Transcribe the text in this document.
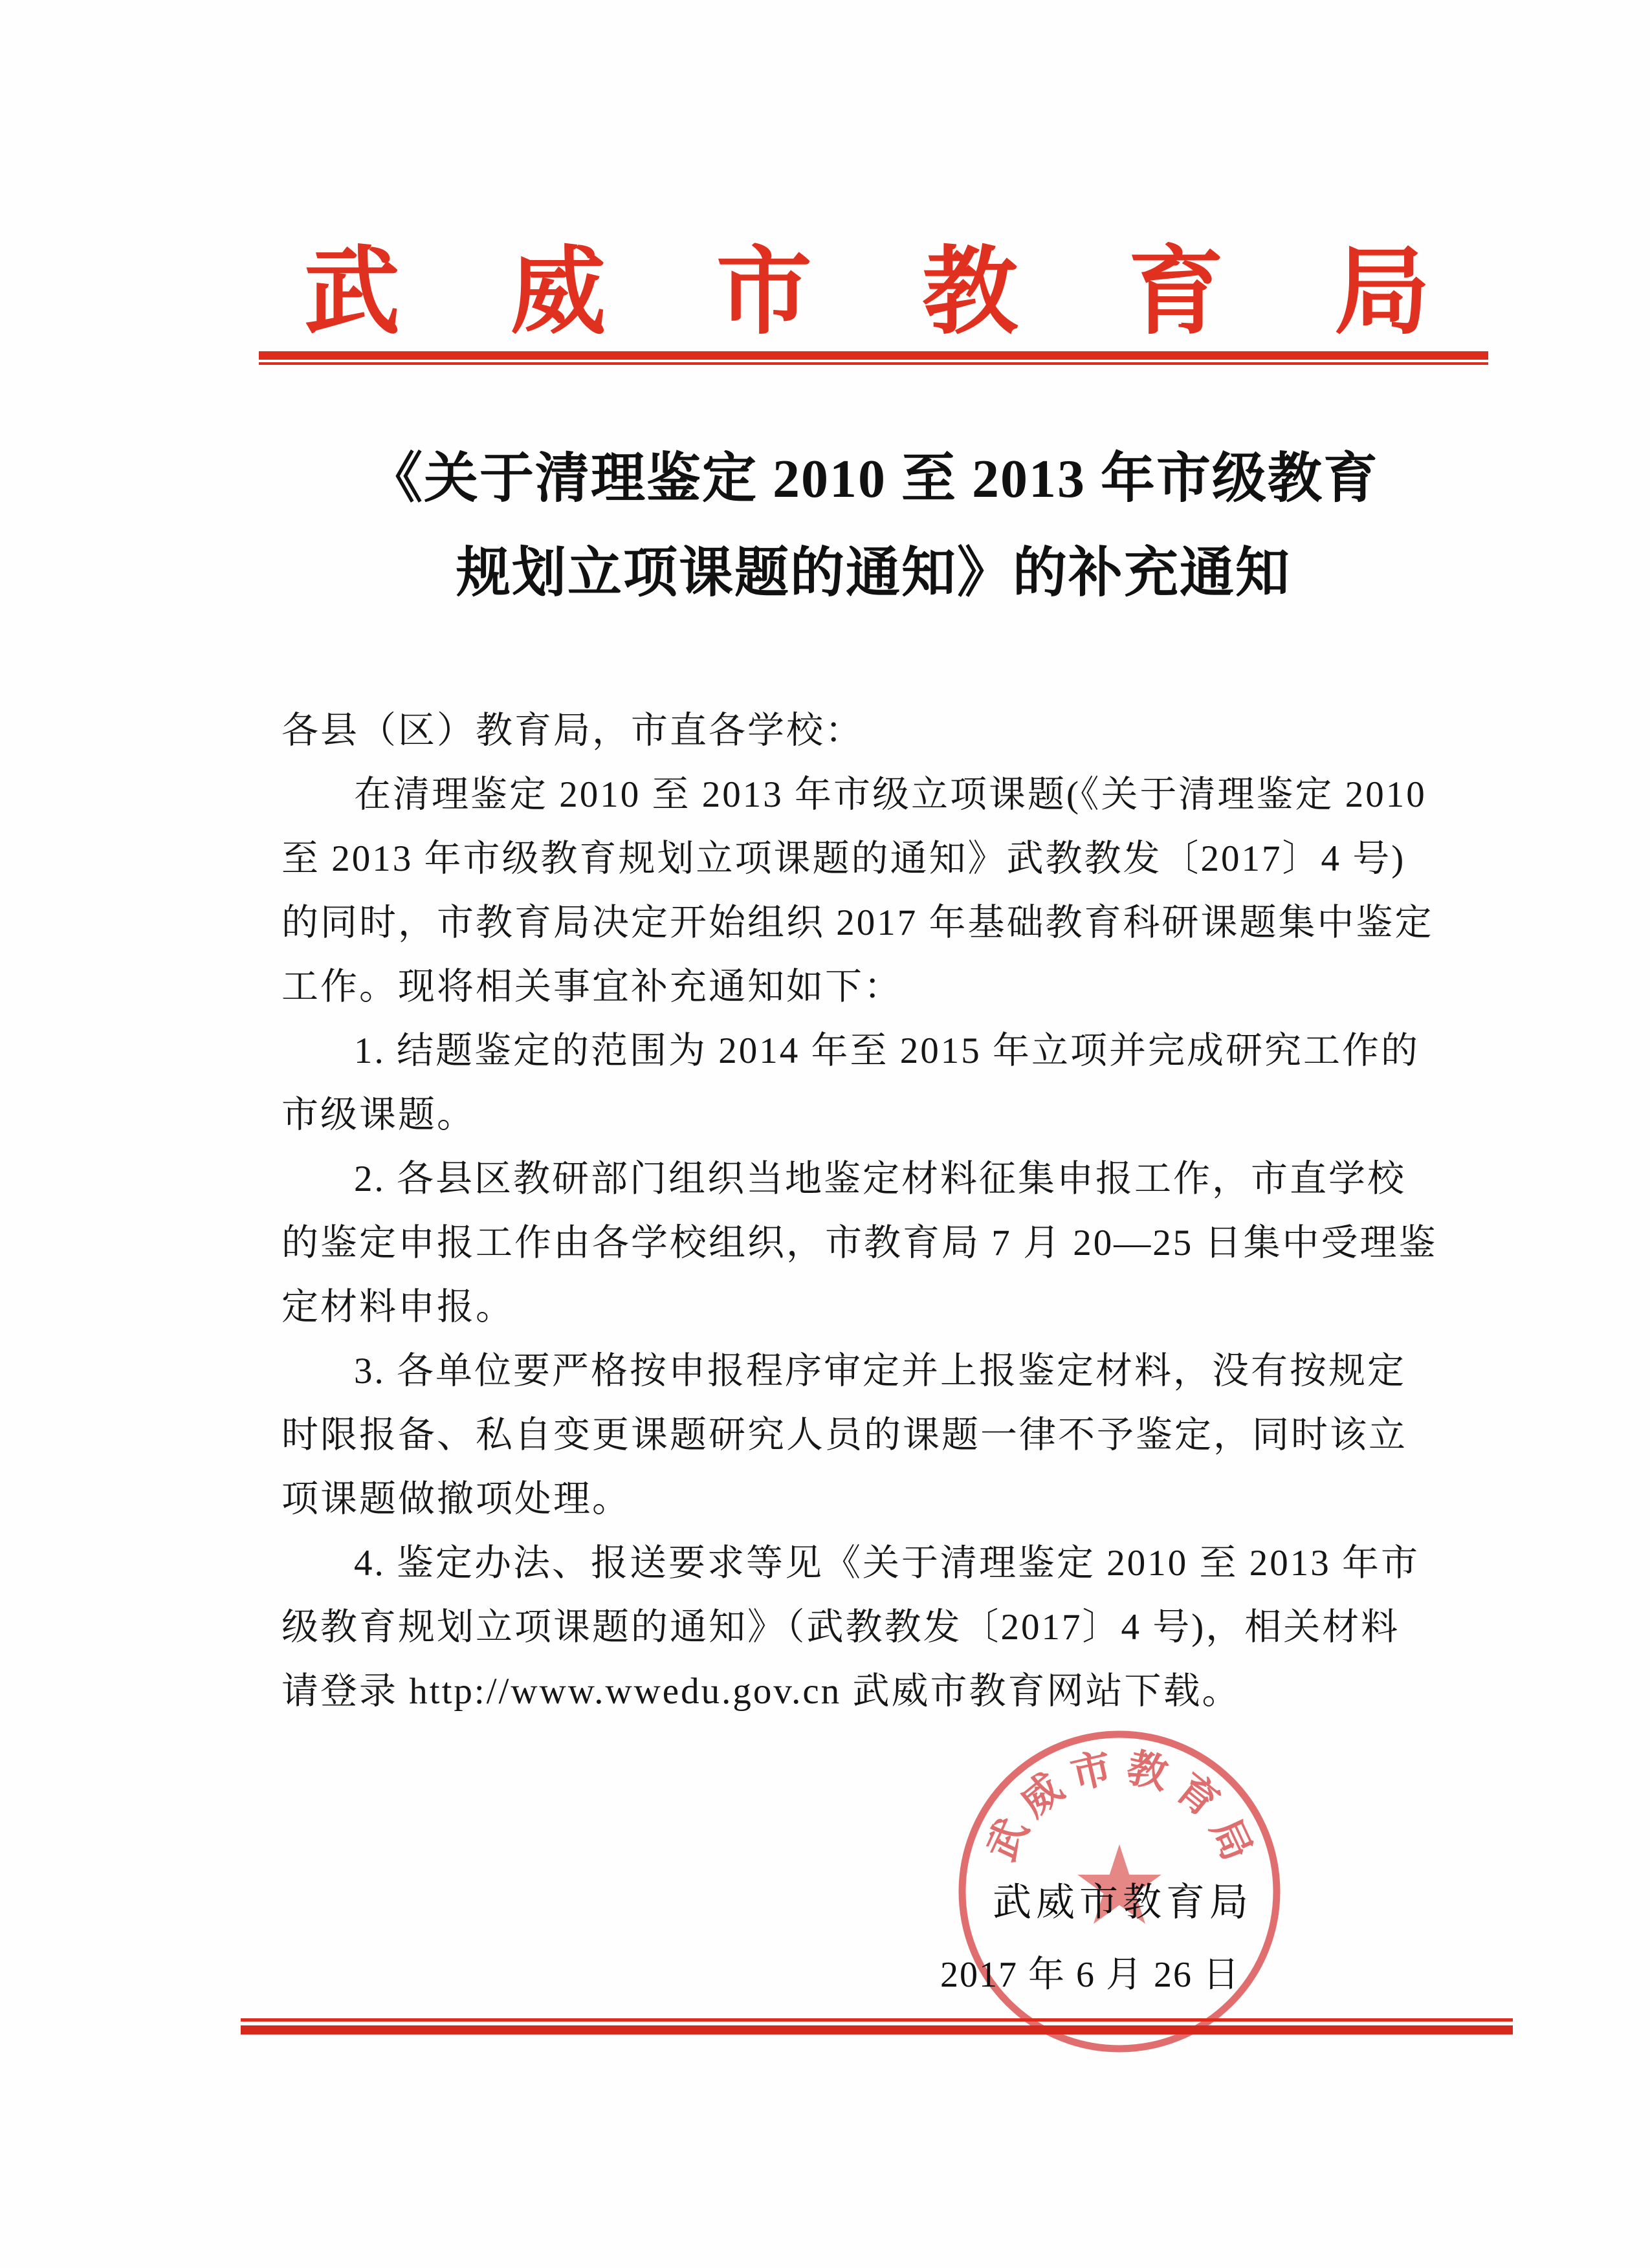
武 威 市 教 育 局
《关于清理鉴定 2010 至 2013 年市级教育
规划立项课题的通知》的补充通知
各县（区）教育局，市直各学校：
在清理鉴定 2010 至 2013 年市级立项课题(《关于清理鉴定 2010
至 2013 年市级教育规划立项课题的通知》武教教发〔2017〕4 号)
的同时，市教育局决定开始组织 2017 年基础教育科研课题集中鉴定
工作。现将相关事宜补充通知如下：
1. 结题鉴定的范围为 2014 年至 2015 年立项并完成研究工作的
市级课题。
2. 各县区教研部门组织当地鉴定材料征集申报工作，市直学校
的鉴定申报工作由各学校组织，市教育局 7 月 20—25 日集中受理鉴
定材料申报。
3. 各单位要严格按申报程序审定并上报鉴定材料，没有按规定
时限报备、私自变更课题研究人员的课题一律不予鉴定，同时该立
项课题做撤项处理。
4. 鉴定办法、报送要求等见《关于清理鉴定 2010 至 2013 年市
级教育规划立项课题的通知》（武教教发〔2017〕4 号)，相关材料
请登录 http://www.wwedu.gov.cn 武威市教育网站下载。
武
威
市 教
育
局
武威市教育局
2017 年 6 月 26 日
